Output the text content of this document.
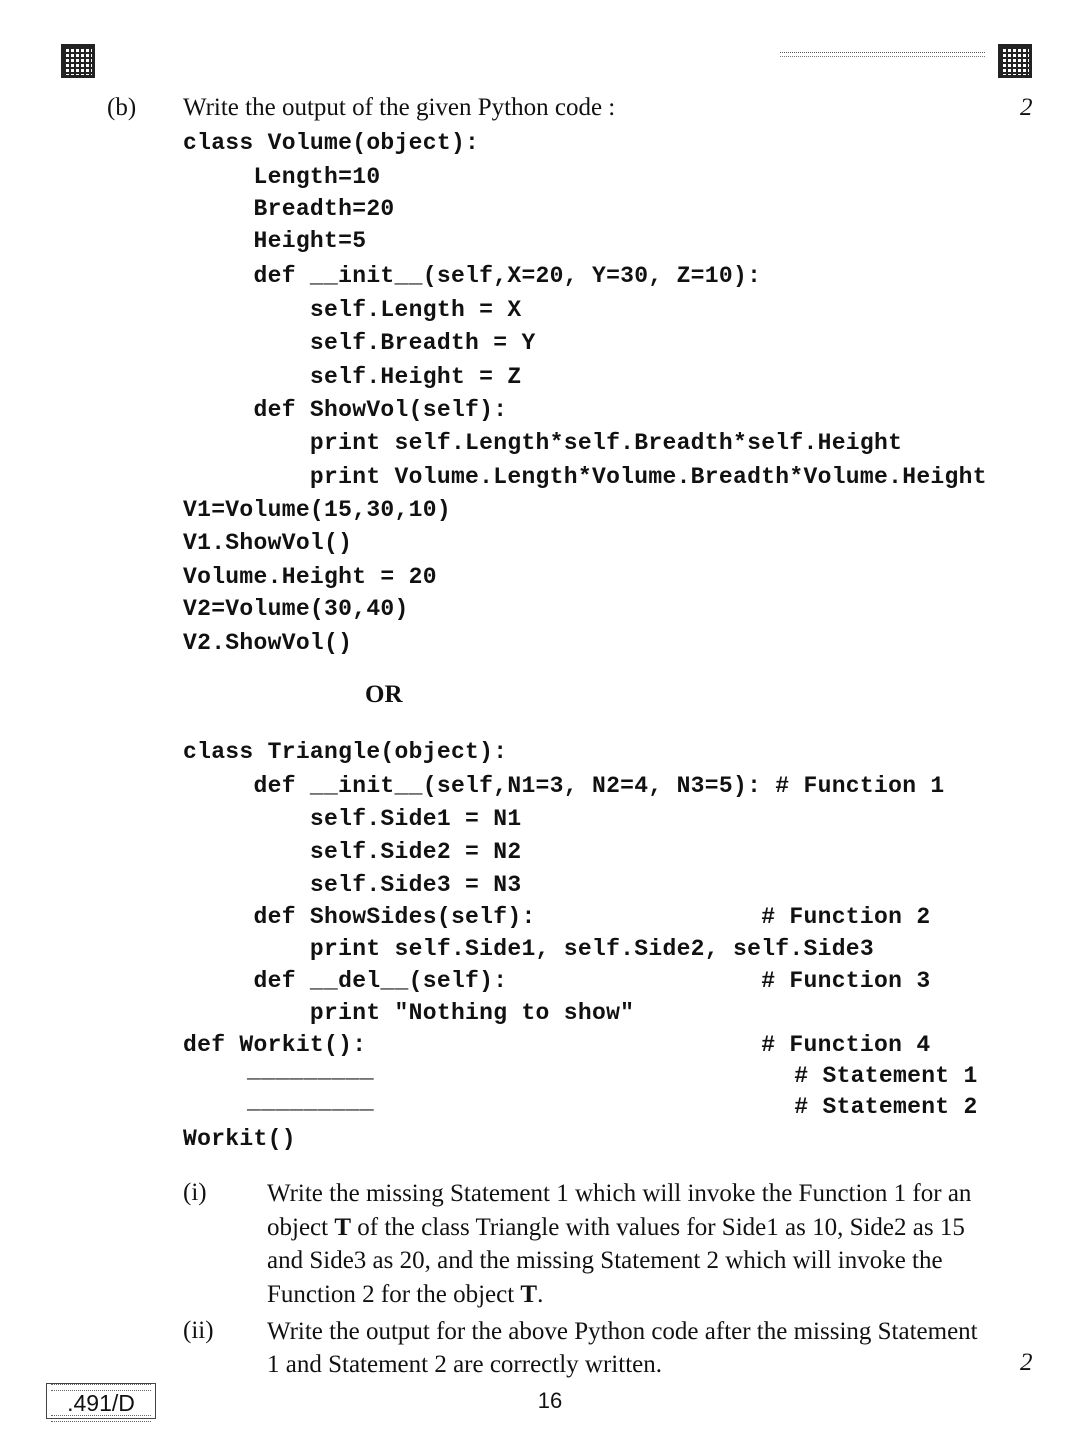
(b) Write the output of the given Python code :	2
class Volume(object):
Length=10
Breadth=20
Height=5
def __init__(self,X=20, Y=30, Z=10):
self.Length = X
self.Breadth = Y
self.Height = Z
def ShowVol(self):
print self.Length*self.Breadth*self.Height
print Volume.Length*Volume.Breadth*Volume.Height
V1=Volume(15,30,10)
V1.ShowVol()
Volume.Height = 20
V2=Volume(30,40)
V2.ShowVol()
OR
class Triangle(object):
def __init__(self,N1=3, N2=4, N3=5): # Function 1
self.Side1 = N1
self.Side2 = N2
self.Side3 = N3
def ShowSides(self):                # Function 2
print self.Side1, self.Side2, self.Side3
def __del__(self):                  # Function 3
print "Nothing to show"
def Workit():                            # Function 4
# Statement 1
_________
# Statement 2
_________
Workit()
(i) Write the missing Statement 1 which will invoke the Function 1 for an object T of the class Triangle with values for Side1 as 10, Side2 as 15 and Side3 as 20, and the missing Statement 2 which will invoke the Function 2 for the object T.
(ii) Write the output for the above Python code after the missing Statement 1 and Statement 2 are correctly written.	2
.491/D	16
